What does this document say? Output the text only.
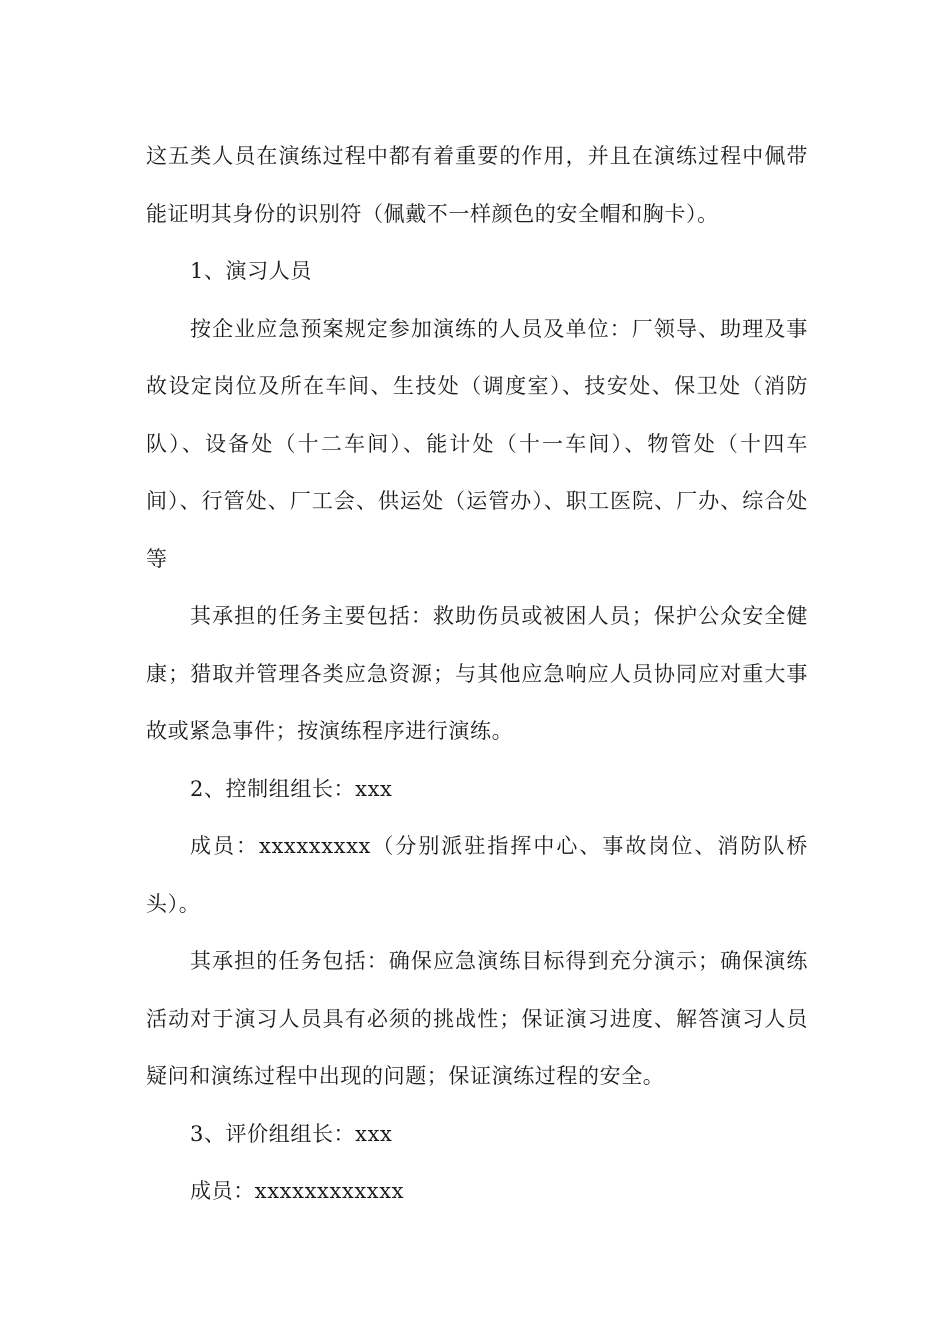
这五类人员在演练过程中都有着重要的作用，并且在演练过程中佩带能证明其身份的识别符（佩戴不一样颜色的安全帽和胸卡）。

1、演习人员

按企业应急预案规定参加演练的人员及单位：厂领导、助理及事故设定岗位及所在车间、生技处（调度室）、技安处、保卫处（消防队）、设备处（十二车间）、能计处（十一车间）、物管处（十四车间）、行管处、厂工会、供运处（运管办）、职工医院、厂办、综合处等

其承担的任务主要包括：救助伤员或被困人员；保护公众安全健康；猎取并管理各类应急资源；与其他应急响应人员协同应对重大事故或紧急事件；按演练程序进行演练。

2、控制组组长：xxx

成员：xxxxxxxxx（分别派驻指挥中心、事故岗位、消防队桥头）。

其承担的任务包括：确保应急演练目标得到充分演示；确保演练活动对于演习人员具有必须的挑战性；保证演习进度、解答演习人员疑问和演练过程中出现的问题；保证演练过程的安全。

3、评价组组长：xxx

成员：xxxxxxxxxxxx
